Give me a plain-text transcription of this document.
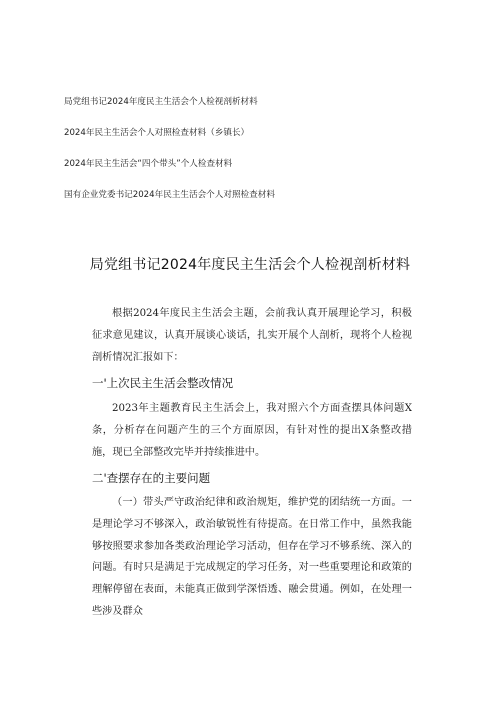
局党组书记2024年度民主生活会个人检视剖析材料
2024年民主生活会个人对照检查材料（乡镇长）
2024年民主生活会“四个带头”个人检查材料
国有企业党委书记2024年民主生活会个人对照检查材料
局党组书记2024年度民主生活会个人检视剖析材料

根据2024年度民主生活会主题，会前我认真开展理论学习，积极征求意见建议，认真开展谈心谈话，扎实开展个人剖析，现将个人检视剖析情况汇报如下：

一'上次民主生活会整改情况

2023年主题教育民主生活会上，我对照六个方面查摆具体问题X条，分析存在问题产生的三个方面原因，有针对性的提出X条整改措施，现已全部整改完毕并持续推进中。

二'查摆存在的主要问题

（一）带头严守政治纪律和政治规矩，维护党的团结统一方面。一是理论学习不够深入，政治敏锐性有待提高。在日常工作中，虽然我能够按照要求参加各类政治理论学习活动，但存在学习不够系统、深入的问题。有时只是满足于完成规定的学习任务，对一些重要理论和政策的理解停留在表面，未能真正做到学深悟透、融会贯通。例如，在处理一些涉及群众
